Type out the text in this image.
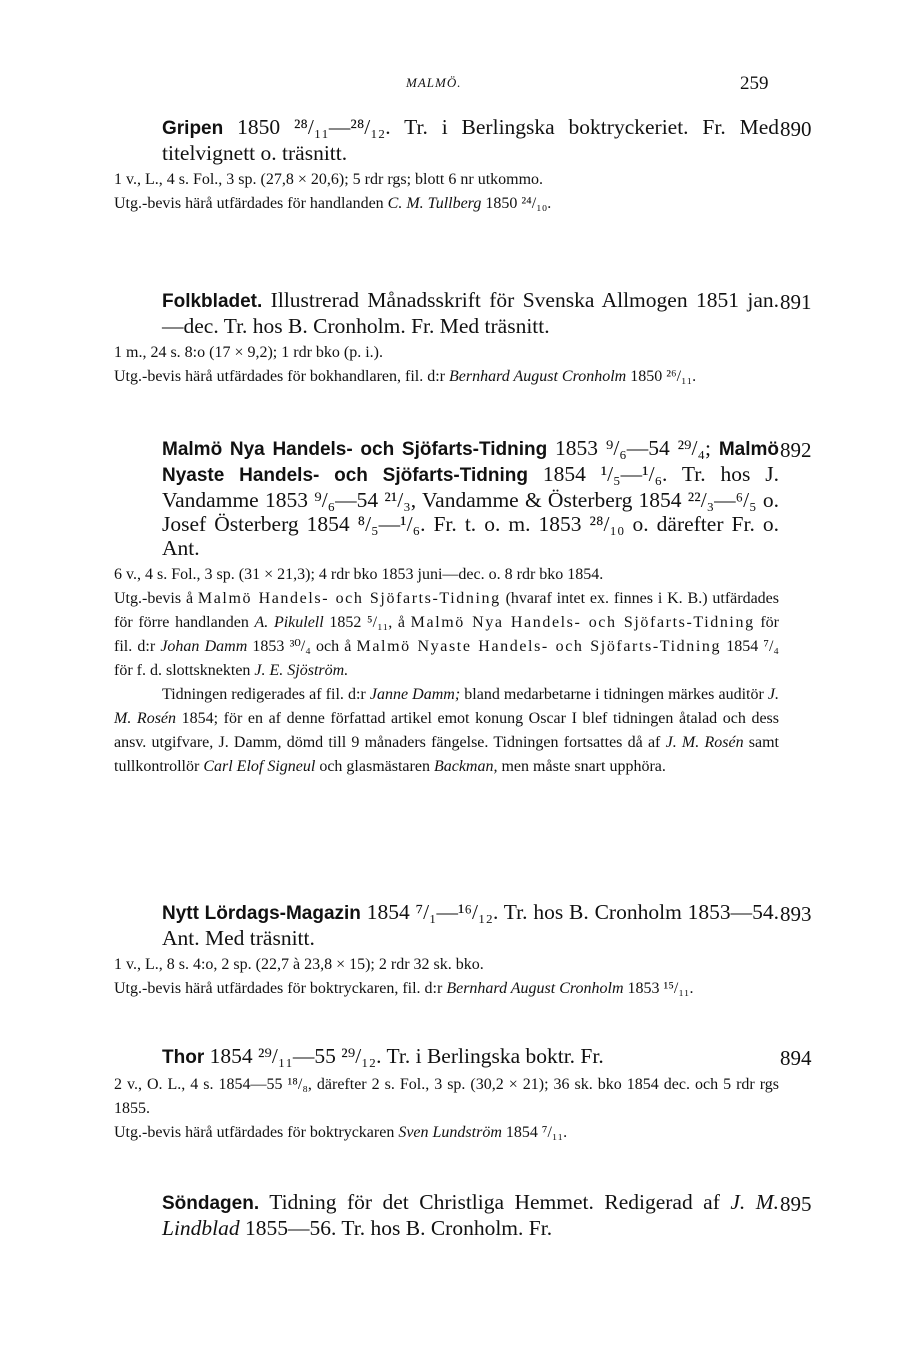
MALMÖ.	259
Gripen 1850 ²⁸/₁₁—²⁸/₁₂. Tr. i Berlingska boktryckeriet. Fr. Med titelvignett o. träsnitt.
1 v., L., 4 s. Fol., 3 sp. (27,8 × 20,6); 5 rdr rgs; blott 6 nr utkommo.
Utg.-bevis härå utfärdades för handlanden C. M. Tullberg 1850 ²⁴/₁₀.
890
Folkbladet. Illustrerad Månadsskrift för Svenska Allmogen 1851 jan.—dec. Tr. hos B. Cronholm. Fr. Med träsnitt.
1 m., 24 s. 8:o (17 × 9,2); 1 rdr bko (p. i.).
Utg.-bevis härå utfärdades för bokhandlaren, fil. d:r Bernhard August Cronholm 1850 ²⁶/₁₁.
891
Malmö Nya Handels- och Sjöfarts-Tidning 1853 ⁹/₆—54 ²⁹/₄; Malmö Nyaste Handels- och Sjöfarts-Tidning 1854 ¹/₅—¹/₆. Tr. hos J. Vandamme 1853 ⁹/₆—54 ²¹/₃, Vandamme & Österberg 1854 ²²/₃—⁶/₅ o. Josef Österberg 1854 ⁸/₅—¹/₆. Fr. t. o. m. 1853 ²⁸/₁₀ o. därefter Fr. o. Ant.
6 v., 4 s. Fol., 3 sp. (31 × 21,3); 4 rdr bko 1853 juni—dec. o. 8 rdr bko 1854.
Utg.-bevis å Malmö Handels- och Sjöfarts-Tidning (hvaraf intet ex. finnes i K. B.) utfärdades för förre handlanden A. Pikulell 1852 ⁵/₁₁, å Malmö Nya Handels- och Sjöfarts-Tidning för fil. d:r Johan Damm 1853 ³⁰/₄ och å Malmö Nyaste Handels- och Sjöfarts-Tidning 1854 ⁷/₄ för f. d. slottsknekten J. E. Sjöström.
Tidningen redigerades af fil. d:r Janne Damm; bland medarbetarne i tidningen märkes auditör J. M. Rosén 1854; för en af denne författad artikel emot konung Oscar I blef tidningen åtalad och dess ansv. utgifvare, J. Damm, dömd till 9 månaders fängelse. Tidningen fortsattes då af J. M. Rosén samt tullkontrollör Carl Elof Signeul och glasmästaren Backman, men måste snart upphöra.
892
Nytt Lördags-Magazin 1854 ⁷/₁—¹⁶/₁₂. Tr. hos B. Cronholm 1853—54. Ant. Med träsnitt.
1 v., L., 8 s. 4:o, 2 sp. (22,7 à 23,8 × 15); 2 rdr 32 sk. bko.
Utg.-bevis härå utfärdades för boktryckaren, fil. d:r Bernhard August Cronholm 1853 ¹⁵/₁₁.
893
Thor 1854 ²⁹/₁₁—55 ²⁹/₁₂. Tr. i Berlingska boktr. Fr.
2 v., O. L., 4 s. 1854—55 ¹⁸/₈, därefter 2 s. Fol., 3 sp. (30,2 × 21); 36 sk. bko 1854 dec. och 5 rdr rgs 1855.
Utg.-bevis härå utfärdades för boktryckaren Sven Lundström 1854 ⁷/₁₁.
894
Söndagen. Tidning för det Christliga Hemmet. Redigerad af J. M. Lindblad 1855—56. Tr. hos B. Cronholm. Fr.
895
